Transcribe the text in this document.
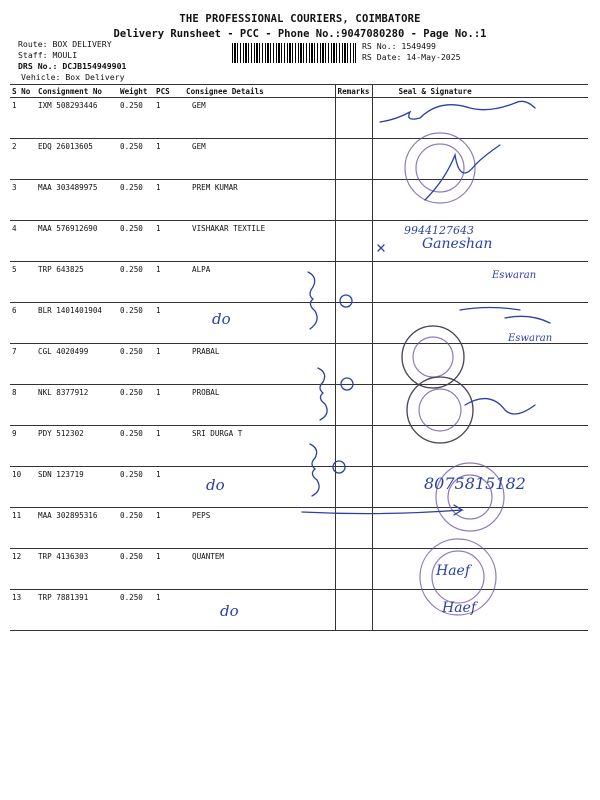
THE PROFESSIONAL COURIERS, COIMBATORE
Delivery Runsheet - PCC - Phone No.:9047080280 - Page No.:1
Route: BOX DELIVERY
Staff: MOULI
DRS No.: DCJB154949901
Vehicle: Box Delivery
RS No.: 1549499
RS Date: 14-May-2025
S No	Consignment No	Weight	PCS	Consignee Details	Remarks	Seal & Signature
1	IXM 508293446	0.250	1	GEM		
2	EDQ 26013605	0.250	1	GEM		
3	MAA 303489975	0.250	1	PREM KUMAR		
4	MAA 576912690	0.250	1	VISHAKAR TEXTILE		
5	TRP 643825	0.250	1	ALPA		
6	BLR 1401401904	0.250	1			
7	CGL 4020499	0.250	1	PRABAL		
8	NKL 8377912	0.250	1	PROBAL		
9	PDY 512302	0.250	1	SRI DURGA T		
10	SDN 123719	0.250	1			
11	MAA 302895316	0.250	1	PEPS		
12	TRP 4136303	0.250	1	QUANTEM		
13	TRP 7881391	0.250	1			
do
do
do
9944127643
Ganeshan
Eswaran
Eswaran
8075815182
Haef
Haef
